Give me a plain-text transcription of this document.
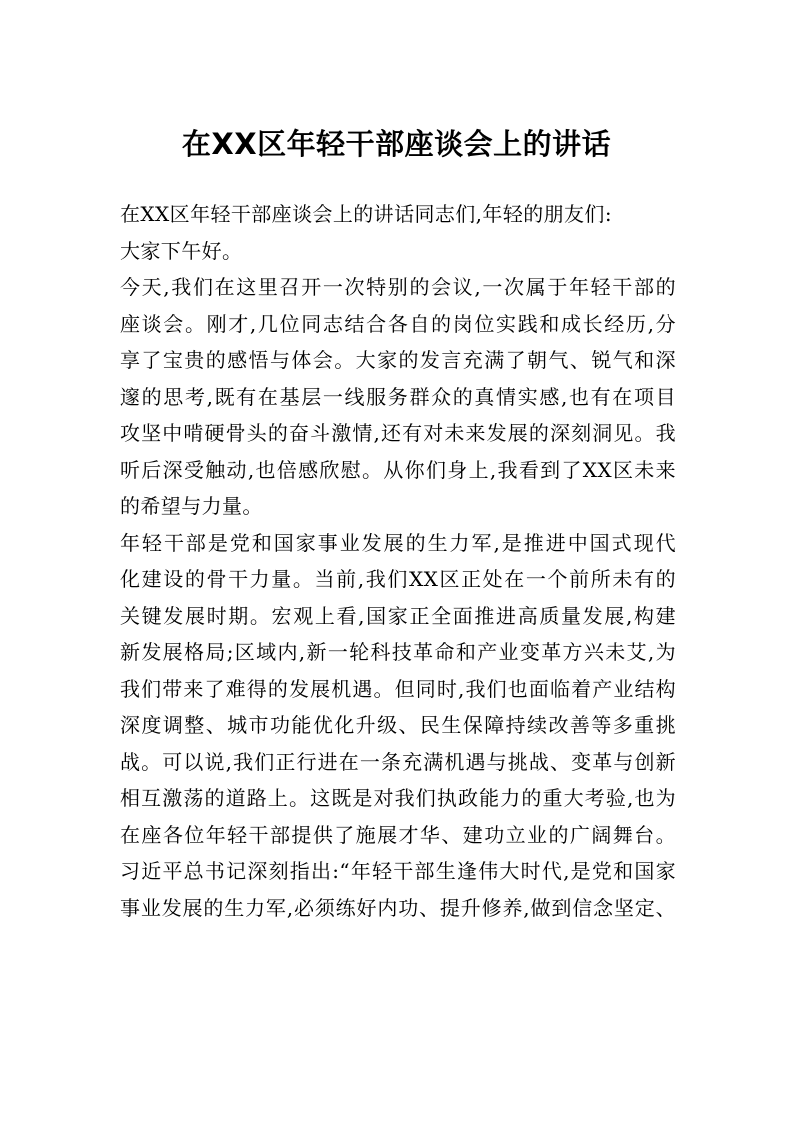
在XX区年轻干部座谈会上的讲话
在XX区年轻干部座谈会上的讲话同志们,年轻的朋友们:
大家下午好。
今天,我们在这里召开一次特别的会议,一次属于年轻干部的
座谈会。刚才,几位同志结合各自的岗位实践和成长经历,分
享了宝贵的感悟与体会。大家的发言充满了朝气、锐气和深
邃的思考,既有在基层一线服务群众的真情实感,也有在项目
攻坚中啃硬骨头的奋斗激情,还有对未来发展的深刻洞见。我
听后深受触动,也倍感欣慰。从你们身上,我看到了XX区未来
的希望与力量。
年轻干部是党和国家事业发展的生力军,是推进中国式现代
化建设的骨干力量。当前,我们XX区正处在一个前所未有的
关键发展时期。宏观上看,国家正全面推进高质量发展,构建
新发展格局;区域内,新一轮科技革命和产业变革方兴未艾,为
我们带来了难得的发展机遇。但同时,我们也面临着产业结构
深度调整、城市功能优化升级、民生保障持续改善等多重挑
战。可以说,我们正行进在一条充满机遇与挑战、变革与创新
相互激荡的道路上。这既是对我们执政能力的重大考验,也为
在座各位年轻干部提供了施展才华、建功立业的广阔舞台。
习近平总书记深刻指出:“年轻干部生逢伟大时代,是党和国家
事业发展的生力军,必须练好内功、提升修养,做到信念坚定、
